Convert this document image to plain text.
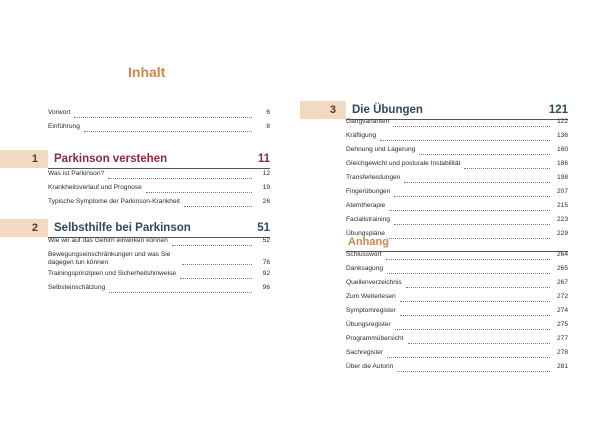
Inhalt
Vorwort	6
Einführung	8
1 Parkinson verstehen	11
Was ist Parkinson?	12
Krankheitsverlauf und Prognose	19
Typische Symptome der Parkinson-Krankheit	26
2 Selbsthilfe bei Parkinson	51
Wie wir auf das Gehirn einwirken können	52
Bewegungseinschränkungen und was Sie dagegen tun können	76
Trainingsprinzipien und Sicherheitshinweise	92
Selbsteinschätzung	96
3 Die Übungen	121
Gangvarianten	122
Kräftigung	136
Dehnung und Lagerung	160
Gleichgewicht und posturale Instabilität	186
Transferleistungen	198
Fingerübungen	207
Atemtherapie	215
Facialistraining	223
Übungspläne	229
Anhang
Schlusswort	264
Danksagung	265
Quellenverzeichnis	267
Zum Weiterlesen	272
Symptomregister	274
Übungsregister	275
Programmübersicht	277
Sachregister	278
Über die Autorin	281
